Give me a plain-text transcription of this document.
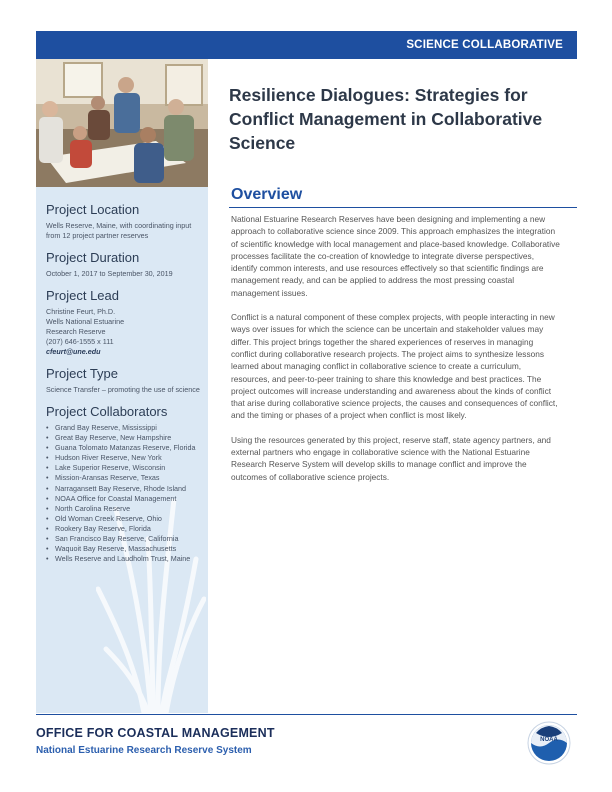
SCIENCE COLLABORATIVE
Project Location

Wells Reserve, Maine, with coordinating input from 12 project partner reserves

Project Duration

October 1, 2017 to September 30, 2019

Project Lead

Christine Feurt, Ph.D.
Wells National Estuarine
Research Reserve
(207) 646-1555 x 111
cfeurt@une.edu

Project Type

Science Transfer – promoting the use of science

Project Collaborators
• Grand Bay Reserve, Mississippi
• Great Bay Reserve, New Hampshire
• Guana Tolomato Matanzas Reserve, Florida
• Hudson River Reserve, New York
• Lake Superior Reserve, Wisconsin
• Mission-Aransas Reserve, Texas
• Narragansett Bay Reserve, Rhode Island
• NOAA Office for Coastal Management
• North Carolina Reserve
• Old Woman Creek Reserve, Ohio
• Rookery Bay Reserve, Florida
• San Francisco Bay Reserve, California
• Waquoit Bay Reserve, Massachusetts
• Wells Reserve and Laudholm Trust, Maine
Resilience Dialogues: Strategies for Conflict Management in Collaborative Science
Overview

National Estuarine Research Reserves have been designing and implementing a new approach to collaborative science since 2009. This approach emphasizes the integration of scientific knowledge with local management and place-based knowledge. Collaborative processes facilitate the co-creation of knowledge to integrate diverse perspectives, identify common interests, and use resources effectively so that scientific findings are management ready, and can be applied to address the most pressing coastal management issues.

Conflict is a natural component of these complex projects, with people interacting in new ways over issues for which the science can be uncertain and stakeholder values may differ. This project brings together the shared experiences of reserves in managing conflict during collaborative research projects. The project aims to synthesize lessons learned about managing conflict in collaborative science to create a curriculum, resources, and peer-to-peer training to share this knowledge and best practices. The project outcomes will increase understanding and awareness about the kinds of conflict that arise during collaborative science projects, the causes and consequences of conflict, and the timing or phases of a project when conflict is most likely.

Using the resources generated by this project, reserve staff, state agency partners, and external partners who engage in collaborative science with the National Estuarine Research Reserve System will develop skills to manage conflict and improve the outcomes of collaborative science projects.

OFFICE FOR COASTAL MANAGEMENT
National Estuarine Research Reserve System
NOAA
